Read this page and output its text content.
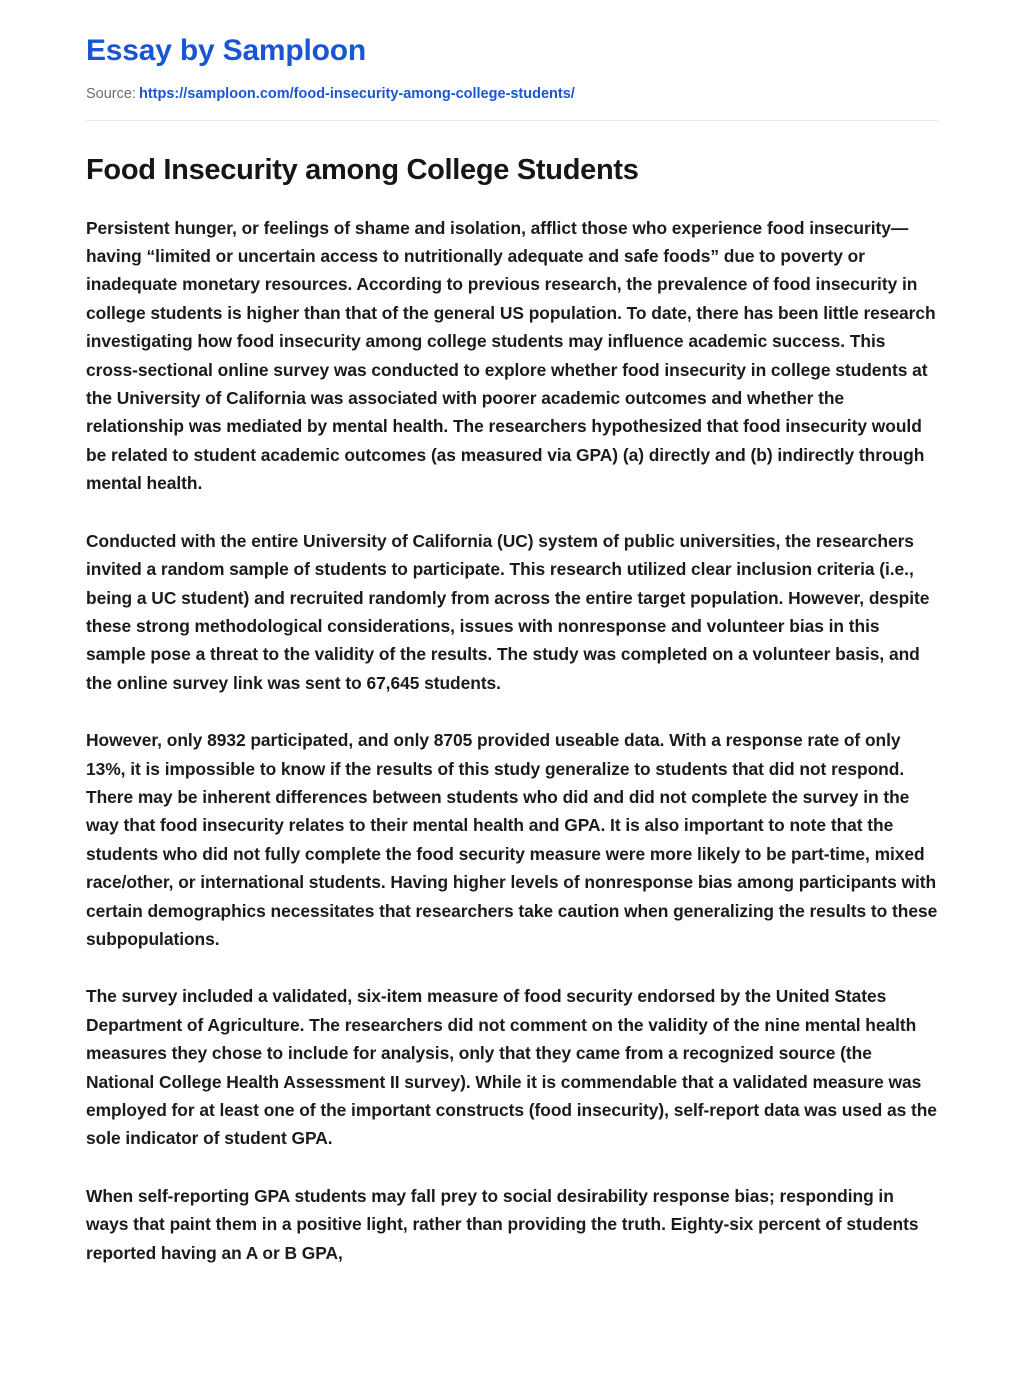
Essay by Samploon
Source: https://samploon.com/food-insecurity-among-college-students/
Food Insecurity among College Students

Persistent hunger, or feelings of shame and isolation, afflict those who experience food insecurity—having “limited or uncertain access to nutritionally adequate and safe foods” due to poverty or inadequate monetary resources. According to previous research, the prevalence of food insecurity in college students is higher than that of the general US population. To date, there has been little research investigating how food insecurity among college students may influence academic success. This cross-sectional online survey was conducted to explore whether food insecurity in college students at the University of California was associated with poorer academic outcomes and whether the relationship was mediated by mental health. The researchers hypothesized that food insecurity would be related to student academic outcomes (as measured via GPA) (a) directly and (b) indirectly through mental health.

Conducted with the entire University of California (UC) system of public universities, the researchers invited a random sample of students to participate. This research utilized clear inclusion criteria (i.e., being a UC student) and recruited randomly from across the entire target population. However, despite these strong methodological considerations, issues with nonresponse and volunteer bias in this sample pose a threat to the validity of the results. The study was completed on a volunteer basis, and the online survey link was sent to 67,645 students.

However, only 8932 participated, and only 8705 provided useable data. With a response rate of only 13%, it is impossible to know if the results of this study generalize to students that did not respond. There may be inherent differences between students who did and did not complete the survey in the way that food insecurity relates to their mental health and GPA. It is also important to note that the students who did not fully complete the food security measure were more likely to be part-time, mixed race/other, or international students. Having higher levels of nonresponse bias among participants with certain demographics necessitates that researchers take caution when generalizing the results to these subpopulations.

The survey included a validated, six-item measure of food security endorsed by the United States Department of Agriculture. The researchers did not comment on the validity of the nine mental health measures they chose to include for analysis, only that they came from a recognized source (the National College Health Assessment II survey). While it is commendable that a validated measure was employed for at least one of the important constructs (food insecurity), self-report data was used as the sole indicator of student GPA.

When self-reporting GPA students may fall prey to social desirability response bias; responding in ways that paint them in a positive light, rather than providing the truth. Eighty-six percent of students reported having an A or B GPA,
